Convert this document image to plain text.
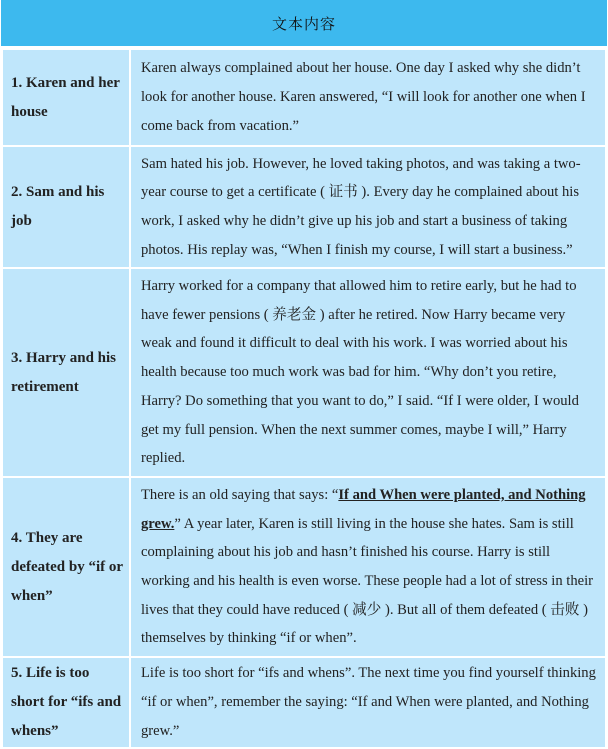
文本内容
1. Karen and her house	Karen always complained about her house. One day I asked why she didn’t look for another house. Karen answered, “I will look for another one when I come back from vacation.”
2. Sam and his job	Sam hated his job. However, he loved taking photos, and was taking a two-year course to get a certificate ( 证书 ). Every day he complained about his work, I asked why he didn’t give up his job and start a business of taking photos. His replay was, “When I finish my course, I will start a business.”
3. Harry and his retirement	Harry worked for a company that allowed him to retire early, but he had to have fewer pensions ( 养老金 ) after he retired. Now Harry became very weak and found it difficult to deal with his work. I was worried about his health because too much work was bad for him. “Why don’t you retire, Harry? Do something that you want to do,” I said. “If I were older, I would get my full pension. When the next summer comes, maybe I will,” Harry replied.
4. They are defeated by “if or when”	There is an old saying that says: “If and When were planted, and Nothing grew.” A year later, Karen is still living in the house she hates. Sam is still complaining about his job and hasn’t finished his course. Harry is still working and his health is even worse. These people had a lot of stress in their lives that they could have reduced ( 减少 ). But all of them defeated ( 击败 ) themselves by thinking “if or when”.
5. Life is too short for “ifs and whens”	Life is too short for “ifs and whens”. The next time you find yourself thinking “if or when”, remember the saying: “If and When were planted, and Nothing grew.”
